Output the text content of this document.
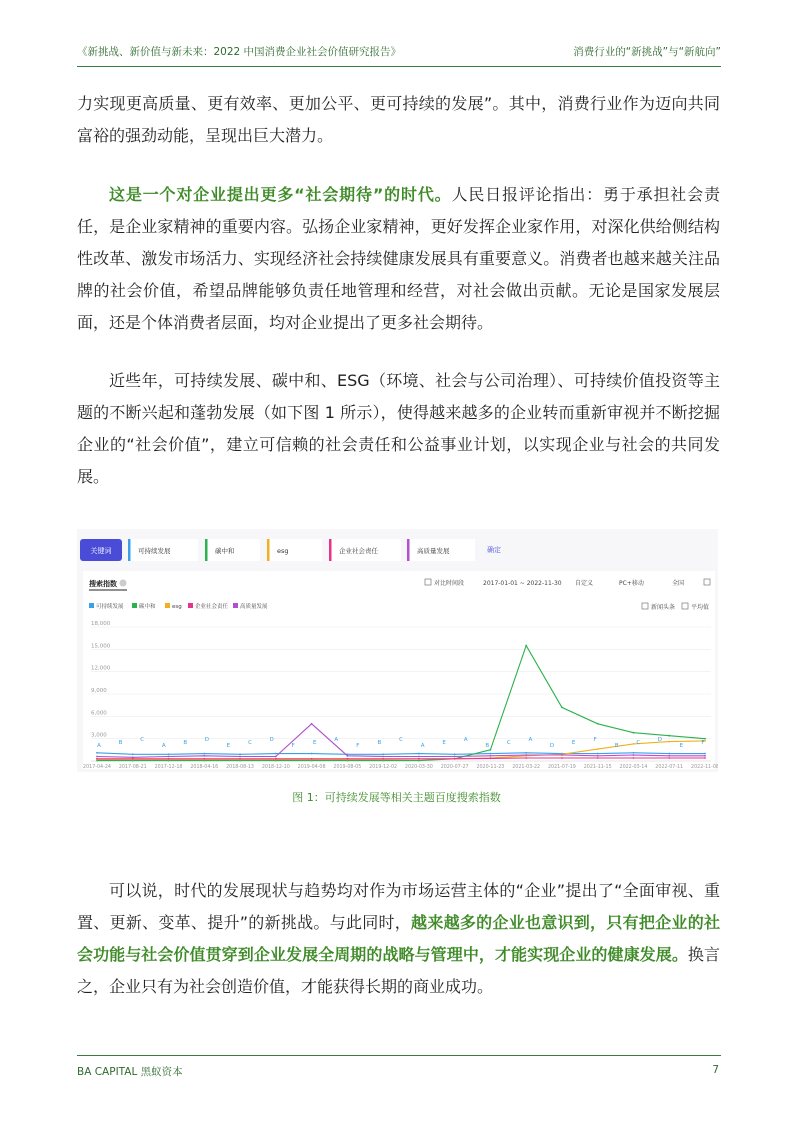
《新挑战、新价值与新未来：2022 中国消费企业社会价值研究报告》	消费行业的“新挑战”与“新航向”

力实现更高质量、更有效率、更加公平、更可持续的发展”。其中，消费行业作为迈向共同富裕的强劲动能，呈现出巨大潜力。

这是一个对企业提出更多“社会期待”的时代。人民日报评论指出：勇于承担社会责任，是企业家精神的重要内容。弘扬企业家精神，更好发挥企业家作用，对深化供给侧结构性改革、激发市场活力、实现经济社会持续健康发展具有重要意义。消费者也越来越关注品牌的社会价值，希望品牌能够负责任地管理和经营，对社会做出贡献。无论是国家发展层面，还是个体消费者层面，均对企业提出了更多社会期待。

近些年，可持续发展、碳中和、ESG（环境、社会与公司治理）、可持续价值投资等主题的不断兴起和蓬勃发展（如下图 1 所示），使得越来越多的企业转而重新审视并不断挖掘企业的“社会价值”，建立可信赖的社会责任和公益事业计划，以实现企业与社会的共同发展。

关键词	可持续发展	碳中和	esg	企业社会责任	高质量发展	确定
搜索指数	对比时间段	2017-01-01 ~ 2022-11-30 自定义	PC+移动	全国
可持续发展	碳中和	esg 企业社会责任 高质量发展	新闻头条	平均值
3,000
6,000
9,000
12,000
15,000
18,000
2017-04-24 2017-08-21 2017-12-18 2018-04-16 2018-08-13 2018-12-10 2019-04-08 2019-08-05 2019-12-02 2020-03-30 2020-07-27 2020-11-23 2021-03-22 2021-07-19 2021-11-15 2022-03-14 2022-07-11 2022-11-08
A	B	C
A	B	D
E	C	D
F	E	A
F	B	C
A	E	A
B	C	A
D	E	F
B	C	D
E	F
图 1：可持续发展等相关主题百度搜索指数

可以说，时代的发展现状与趋势均对作为市场运营主体的“企业”提出了“全面审视、重置、更新、变革、提升”的新挑战。与此同时，越来越多的企业也意识到，只有把企业的社会功能与社会价值贯穿到企业发展全周期的战略与管理中，才能实现企业的健康发展。换言之，企业只有为社会创造价值，才能获得长期的商业成功。

BA CAPITAL 黑蚁资本	7
